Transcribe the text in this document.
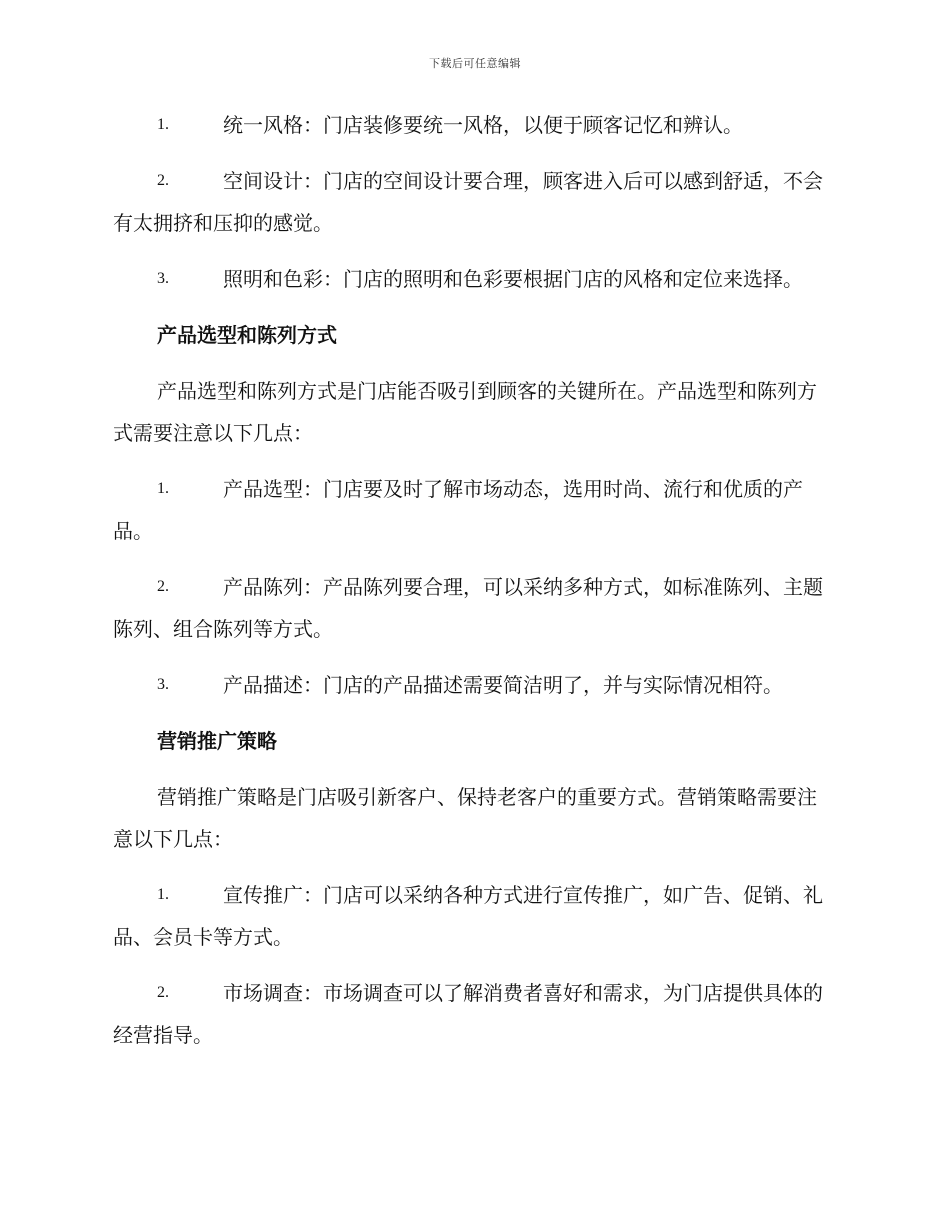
下载后可任意编辑
1.	统一风格：门店装修要统一风格，以便于顾客记忆和辨认。
2.	空间设计：门店的空间设计要合理，顾客进入后可以感到舒适，不会有太拥挤和压抑的感觉。
3.	照明和色彩：门店的照明和色彩要根据门店的风格和定位来选择。
产品选型和陈列方式
产品选型和陈列方式是门店能否吸引到顾客的关键所在。产品选型和陈列方式需要注意以下几点：
1.	产品选型：门店要及时了解市场动态，选用时尚、流行和优质的产品。
2.	产品陈列：产品陈列要合理，可以采纳多种方式，如标准陈列、主题陈列、组合陈列等方式。
3.	产品描述：门店的产品描述需要简洁明了，并与实际情况相符。
营销推广策略
营销推广策略是门店吸引新客户、保持老客户的重要方式。营销策略需要注意以下几点：
1.	宣传推广：门店可以采纳各种方式进行宣传推广，如广告、促销、礼品、会员卡等方式。
2.	市场调查：市场调查可以了解消费者喜好和需求，为门店提供具体的经营指导。
